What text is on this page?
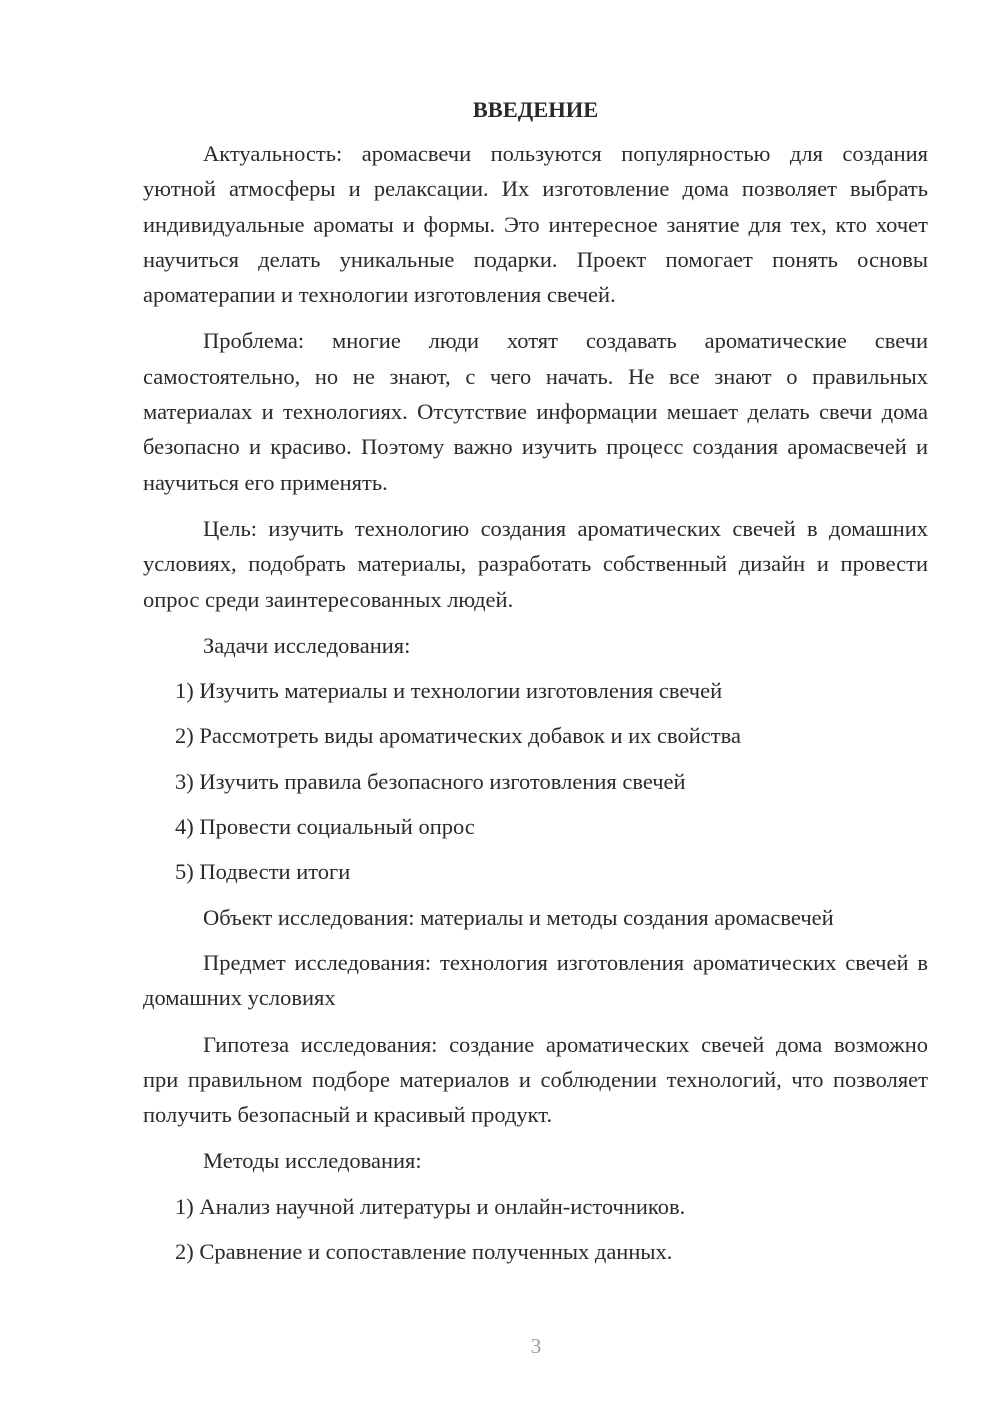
ВВЕДЕНИЕ

Актуальность: аромасвечи пользуются популярностью для создания уютной атмосферы и релаксации. Их изготовление дома позволяет выбрать индивидуальные ароматы и формы. Это интересное занятие для тех, кто хочет научиться делать уникальные подарки. Проект помогает понять основы ароматерапии и технологии изготовления свечей.

Проблема: многие люди хотят создавать ароматические свечи самостоятельно, но не знают, с чего начать. Не все знают о правильных материалах и технологиях. Отсутствие информации мешает делать свечи дома безопасно и красиво. Поэтому важно изучить процесс создания аромасвечей и научиться его применять.

Цель: изучить технологию создания ароматических свечей в домашних условиях, подобрать материалы, разработать собственный дизайн и провести опрос среди заинтересованных людей.

Задачи исследования:

1) Изучить материалы и технологии изготовления свечей
2) Рассмотреть виды ароматических добавок и их свойства
3) Изучить правила безопасного изготовления свечей
4) Провести социальный опрос
5) Подвести итоги

Объект исследования: материалы и методы создания аромасвечей

Предмет исследования: технология изготовления ароматических свечей в домашних условиях

Гипотеза исследования: создание ароматических свечей дома возможно при правильном подборе материалов и соблюдении технологий, что позволяет получить безопасный и красивый продукт.

Методы исследования:

1) Анализ научной литературы и онлайн-источников.
2) Сравнение и сопоставление полученных данных.
3
